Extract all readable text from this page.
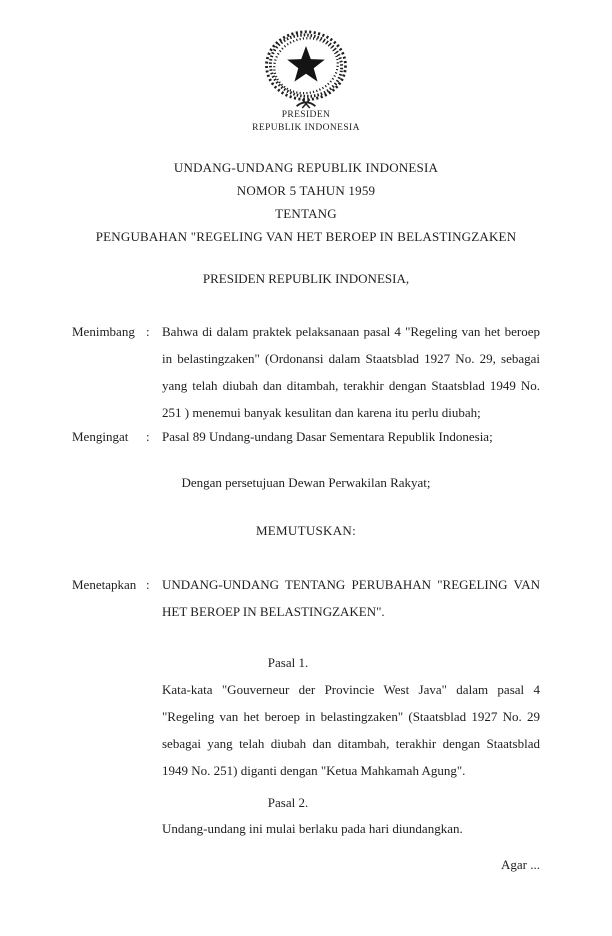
PRESIDEN
REPUBLIK INDONESIA
UNDANG-UNDANG REPUBLIK INDONESIA
NOMOR 5 TAHUN 1959
TENTANG
PENGUBAHAN "REGELING VAN HET BEROEP IN BELASTINGZAKEN
PRESIDEN REPUBLIK INDONESIA,
Menimbang : Bahwa di dalam praktek pelaksanaan pasal 4 "Regeling van het beroep
in belastingzaken" (Ordonansi dalam Staatsblad 1927 No. 29, sebagai
yang telah diubah dan ditambah, terakhir dengan Staatsblad 1949 No.
251 ) menemui banyak kesulitan dan karena itu perlu diubah;
Mengingat : Pasal 89 Undang-undang Dasar Sementara Republik Indonesia;
Dengan persetujuan Dewan Perwakilan Rakyat;
MEMUTUSKAN:
Menetapkan : UNDANG-UNDANG TENTANG PERUBAHAN "REGELING VAN
HET BEROEP IN BELASTINGZAKEN".
Pasal 1.
Kata-kata "Gouverneur der Provincie West Java" dalam pasal 4
"Regeling van het beroep in belastingzaken" (Staatsblad 1927 No. 29
sebagai yang telah diubah dan ditambah, terakhir dengan Staatsblad
1949 No. 251) diganti dengan "Ketua Mahkamah Agung".
Pasal 2.
Undang-undang ini mulai berlaku pada hari diundangkan.
Agar ...
